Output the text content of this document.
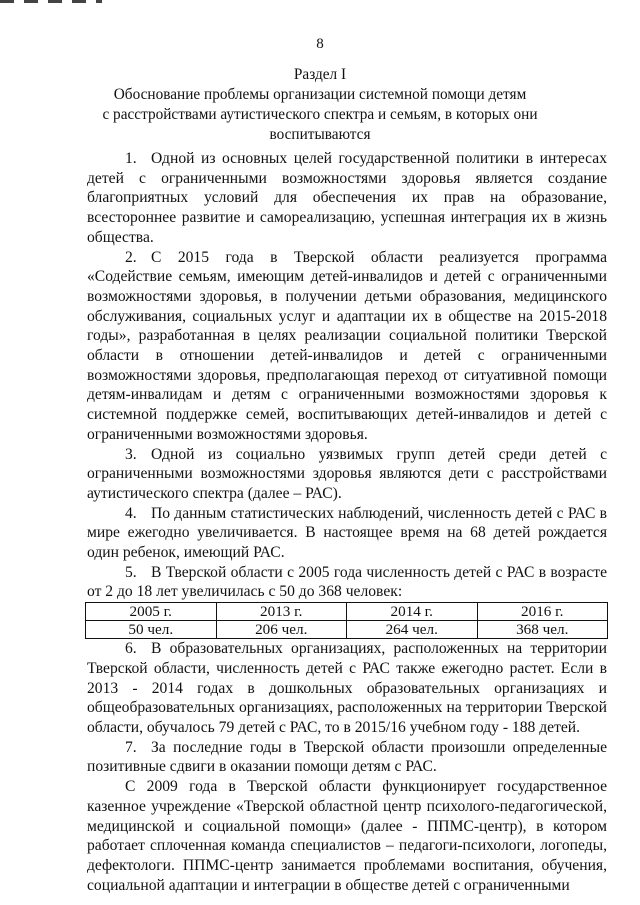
8
Раздел I
Обоснование проблемы организации системной помощи детям
с расстройствами аутистического спектра и семьям, в которых они
воспитываются

1. Одной из основных целей государственной политики в интересах детей с ограниченными возможностями здоровья является создание благоприятных условий для обеспечения их прав на образование, всестороннее развитие и самореализацию, успешная интеграция их в жизнь общества.

2. С 2015 года в Тверской области реализуется программа «Содействие семьям, имеющим детей-инвалидов и детей с ограниченными возможностями здоровья, в получении детьми образования, медицинского обслуживания, социальных услуг и адаптации их в обществе на 2015-2018 годы», разработанная в целях реализации социальной политики Тверской области в отношении детей-инвалидов и детей с ограниченными возможностями здоровья, предполагающая переход от ситуативной помощи детям-инвалидам и детям с ограниченными возможностями здоровья к системной поддержке семей, воспитывающих детей-инвалидов и детей с ограниченными возможностями здоровья.

3. Одной из социально уязвимых групп детей среди детей с ограниченными возможностями здоровья являются дети с расстройствами аутистического спектра (далее – РАС).

4. По данным статистических наблюдений, численность детей с РАС в мире ежегодно увеличивается. В настоящее время на 68 детей рождается один ребенок, имеющий РАС.

5. В Тверской области с 2005 года численность детей с РАС в возрасте от 2 до 18 лет увеличилась с 50 до 368 человек:

2005 г.	2013 г.	2014 г.	2016 г.
50 чел.	206 чел.	264 чел.	368 чел.

6. В образовательных организациях, расположенных на территории Тверской области, численность детей с РАС также ежегодно растет. Если в 2013 - 2014 годах в дошкольных образовательных организациях и общеобразовательных организациях, расположенных на территории Тверской области, обучалось 79 детей с РАС, то в 2015/16 учебном году - 188 детей.

7. За последние годы в Тверской области произошли определенные позитивные сдвиги в оказании помощи детям с РАС.

С 2009 года в Тверской области функционирует государственное казенное учреждение «Тверской областной центр психолого-педагогической, медицинской и социальной помощи» (далее - ППМС-центр), в котором работает сплоченная команда специалистов – педагоги-психологи, логопеды, дефектологи. ППМС-центр занимается проблемами воспитания, обучения, социальной адаптации и интеграции в обществе детей с ограниченными
